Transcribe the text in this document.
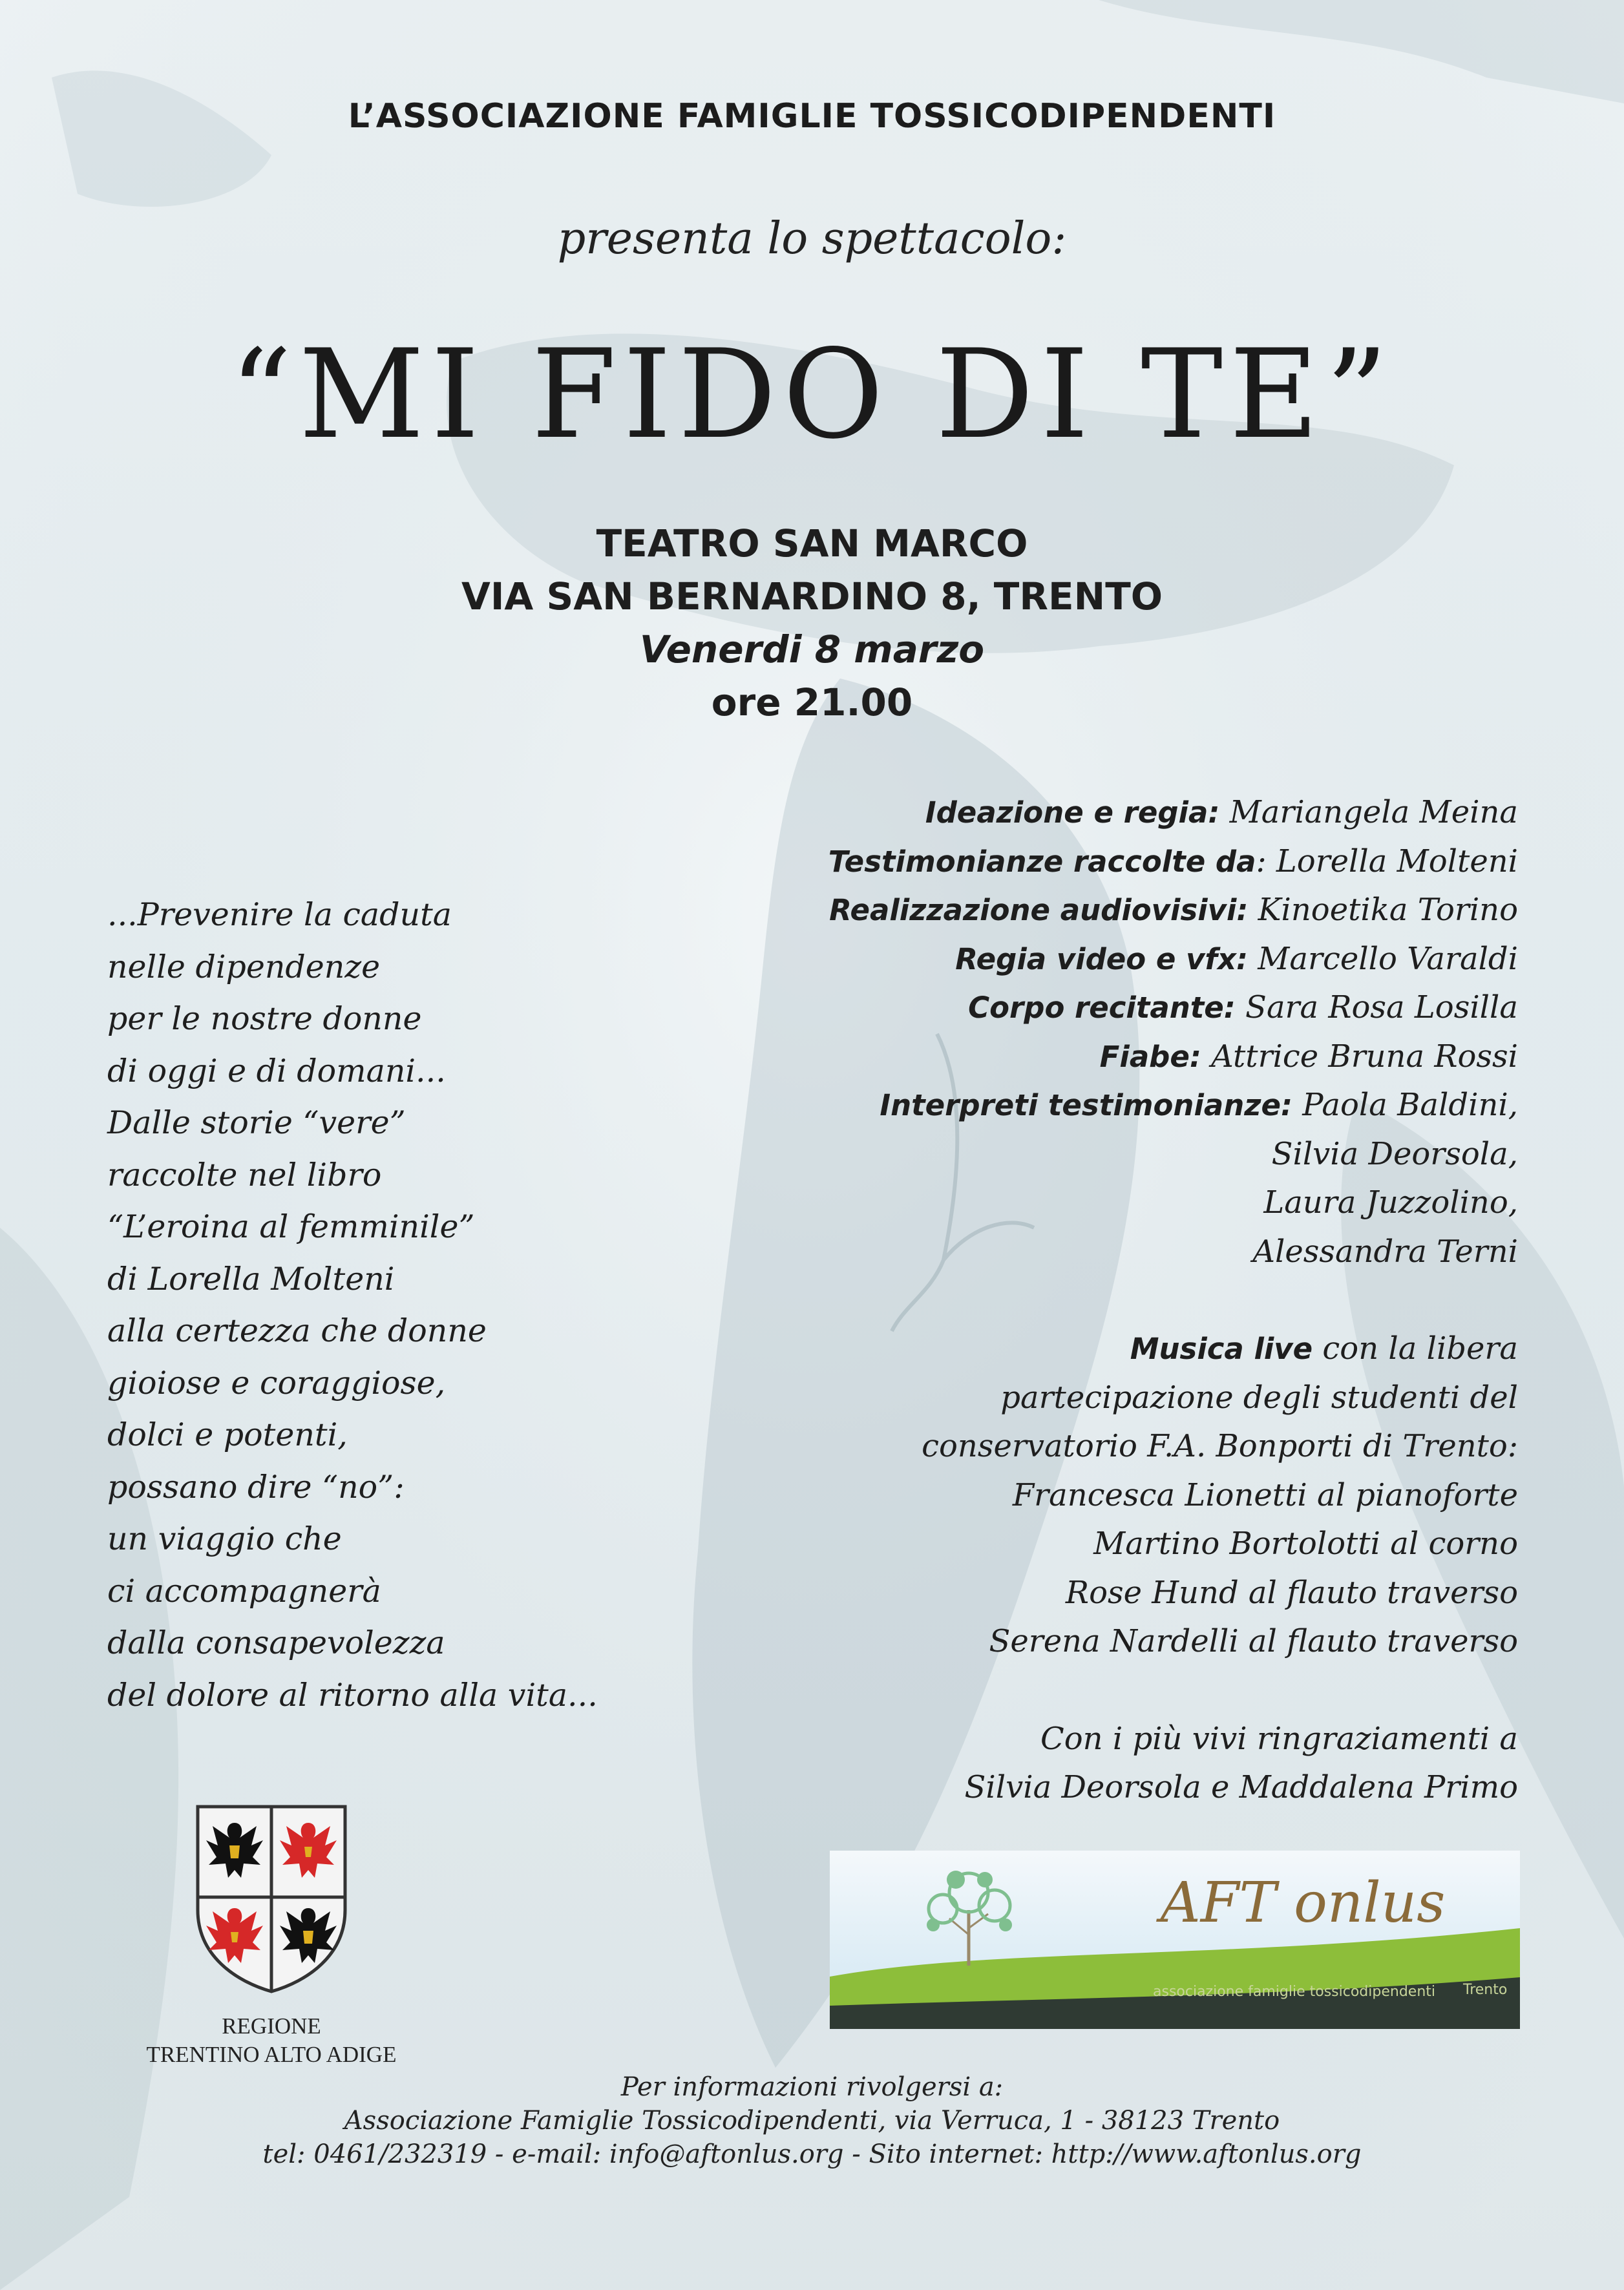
L’ASSOCIAZIONE FAMIGLIE TOSSICODIPENDENTI
presenta lo spettacolo:
“MI FIDO DI TE”
TEATRO SAN MARCO
VIA SAN BERNARDINO 8, TRENTO
Venerdi 8 marzo
ore 21.00
...Prevenire la caduta
nelle dipendenze
per le nostre donne
di oggi e di domani...
Dalle storie “vere”
raccolte nel libro
“L’eroina al femminile”
di Lorella Molteni
alla certezza che donne
gioiose e coraggiose,
dolci e potenti,
possano dire “no”:
un viaggio che
ci accompagnerà
dalla consapevolezza
del dolore al ritorno alla vita...
Ideazione e regia: Mariangela Meina
Testimonianze raccolte da: Lorella Molteni
Realizzazione audiovisivi: Kinoetika Torino
Regia video e vfx: Marcello Varaldi
Corpo recitante: Sara Rosa Losilla
Fiabe: Attrice Bruna Rossi
Interpreti testimonianze: Paola Baldini,
Silvia Deorsola,
Laura Juzzolino,
Alessandra Terni
Musica live con la libera
partecipazione degli studenti del
conservatorio F.A. Bonporti di Trento:
Francesca Lionetti al pianoforte
Martino Bortolotti al corno
Rose Hund al flauto traverso
Serena Nardelli al flauto traverso
Con i più vivi ringraziamenti a
Silvia Deorsola e Maddalena Primo
REGIONE
TRENTINO ALTO ADIGE
AFT onlus
associazione famiglie tossicodipendenti Trento
Per informazioni rivolgersi a:
Associazione Famiglie Tossicodipendenti, via Verruca, 1 - 38123 Trento
tel: 0461/232319 - e-mail: info@aftonlus.org - Sito internet: http://www.aftonlus.org
